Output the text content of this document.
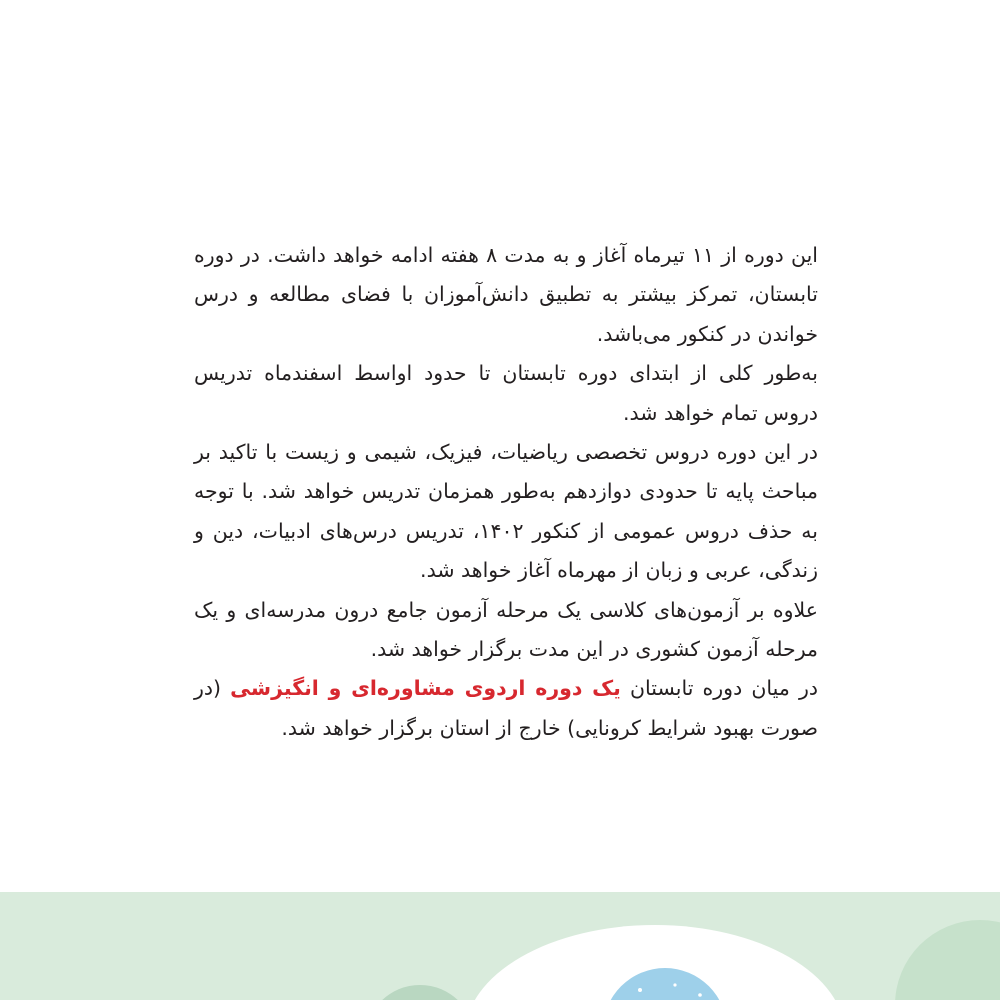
این دوره از ۱۱ تیرماه آغاز و به مدت ۸ هفته ادامه خواهد داشت. در دوره تابستان، تمرکز بیشتر به تطبیق دانش‌آموزان با فضای مطالعه و درس خواندن در کنکور می‌باشد.

به‌طور کلی از ابتدای دوره تابستان تا حدود اواسط اسفندماه تدریس دروس تمام خواهد شد.

در این دوره دروس تخصصی ریاضیات، فیزیک، شیمی و زیست با تاکید بر مباحث پایه تا حدودی دوازدهم به‌طور همزمان تدریس خواهد شد. با توجه به حذف دروس عمومی از کنکور ۱۴۰۲، تدریس درس‌های ادبیات، دین و زندگی، عربی و زبان از مهرماه آغاز خواهد شد.

علاوه بر آزمون‌های کلاسی یک مرحله آزمون جامع درون مدرسه‌ای و یک مرحله آزمون کشوری در این مدت برگزار خواهد شد.

در میان دوره تابستان یک دوره اردوی مشاوره‌ای و انگیزشی (در صورت بهبود شرایط کرونایی) خارج از استان برگزار خواهد شد.
